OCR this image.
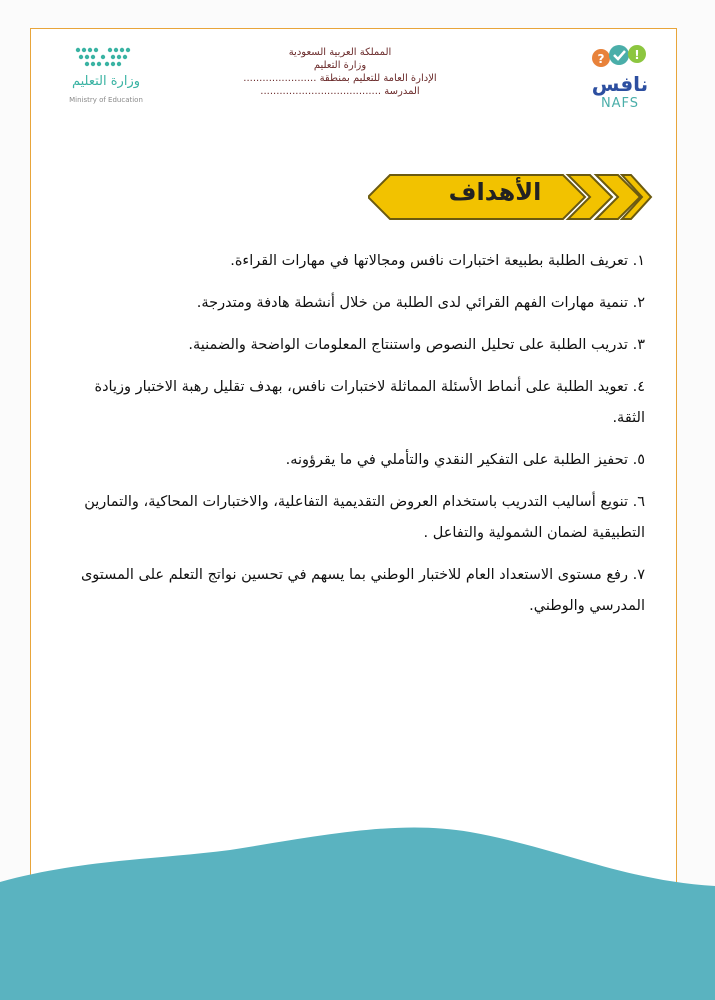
وزارة التعليم
Ministry of Education
المملكة العربية السعودية
وزارة التعليم
الإدارة العامة للتعليم بمنطقة .......................
المدرسة ......................................
? !
نافس
NAFS
الأهداف
١. تعريف الطلبة بطبيعة اختبارات نافس ومجالاتها في مهارات القراءة.
٢. تنمية مهارات الفهم القرائي لدى الطلبة من خلال أنشطة هادفة ومتدرجة.
٣. تدريب الطلبة على تحليل النصوص واستنتاج المعلومات الواضحة والضمنية.
٤. تعويد الطلبة على أنماط الأسئلة المماثلة لاختبارات نافس، بهدف تقليل رهبة الاختبار وزيادة الثقة.
٥. تحفيز الطلبة على التفكير النقدي والتأملي في ما يقرؤونه.
٦. تنويع أساليب التدريب باستخدام العروض التقديمية التفاعلية، والاختبارات المحاكية، والتمارين التطبيقية لضمان الشمولية والتفاعل .
٧. رفع مستوى الاستعداد العام للاختبار الوطني بما يسهم في تحسين نواتج التعلم على المستوى المدرسي والوطني.
